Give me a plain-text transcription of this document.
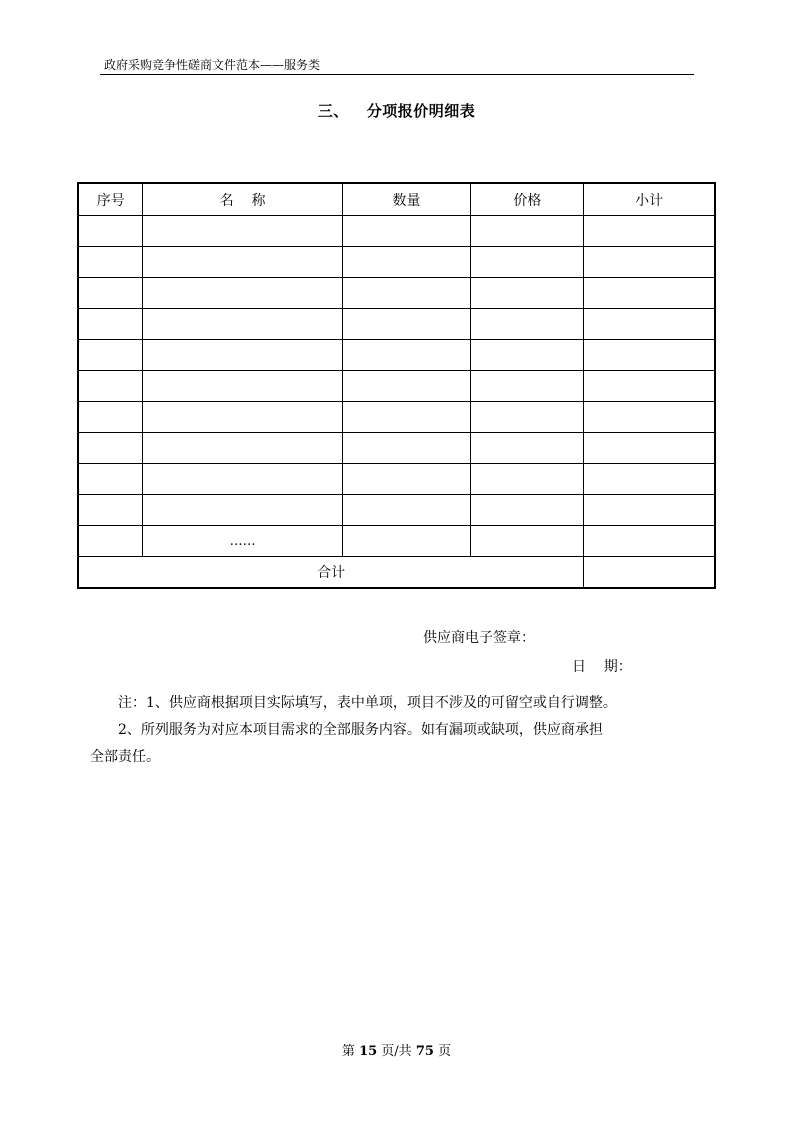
政府采购竞争性磋商文件范本——服务类
三、 分项报价明细表
序号	名    称	数量	价格	小计

	……			
合计				
供应商电子签章：
日    期：

注：1、供应商根据项目实际填写，表中单项，项目不涉及的可留空或自行调整。

2、所列服务为对应本项目需求的全部服务内容。如有漏项或缺项，供应商承担

全部责任。

第 15 页/共 75 页
